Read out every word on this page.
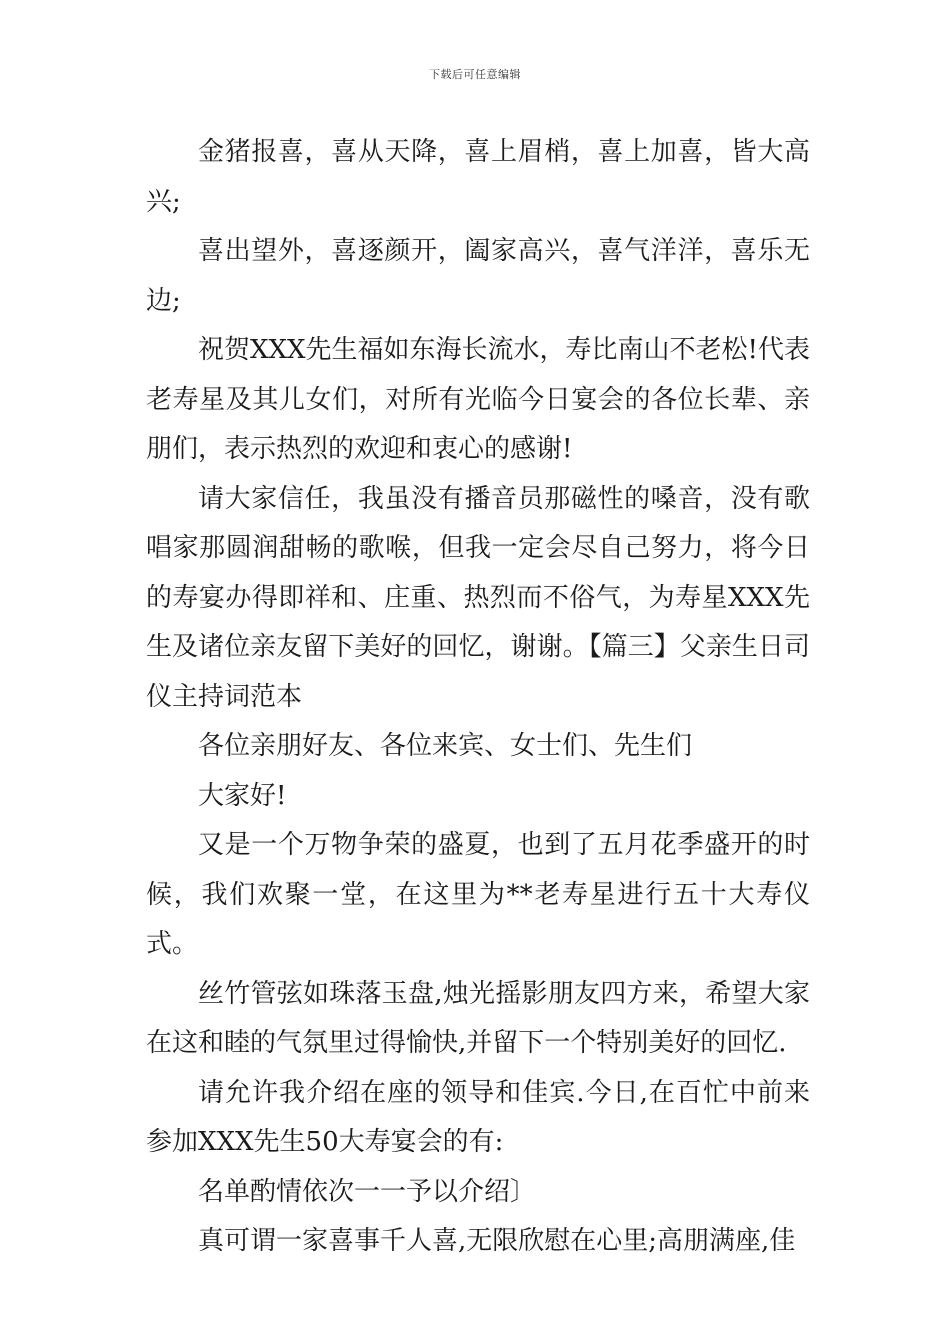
下载后可任意编辑

金猪报喜，喜从天降，喜上眉梢，喜上加喜，皆大高兴;

喜出望外，喜逐颜开，阖家高兴，喜气洋洋，喜乐无边;

祝贺XXX先生福如东海长流水，寿比南山不老松!代表老寿星及其儿女们，对所有光临今日宴会的各位长辈、亲朋们，表示热烈的欢迎和衷心的感谢!

请大家信任，我虽没有播音员那磁性的嗓音，没有歌唱家那圆润甜畅的歌喉，但我一定会尽自己努力，将今日的寿宴办得即祥和、庄重、热烈而不俗气，为寿星XXX先生及诸位亲友留下美好的回忆，谢谢。【篇三】父亲生日司仪主持词范本

各位亲朋好友、各位来宾、女士们、先生们

大家好!

又是一个万物争荣的盛夏，也到了五月花季盛开的时候，我们欢聚一堂，在这里为**老寿星进行五十大寿仪式。

丝竹管弦如珠落玉盘,烛光摇影朋友四方来，希望大家在这和睦的气氛里过得愉快,并留下一个特别美好的回忆.

请允许我介绍在座的领导和佳宾.今日,在百忙中前来参加XXX先生50大寿宴会的有:

名单酌情依次一一予以介绍〕

真可谓一家喜事千人喜,无限欣慰在心里;高朋满座,佳
